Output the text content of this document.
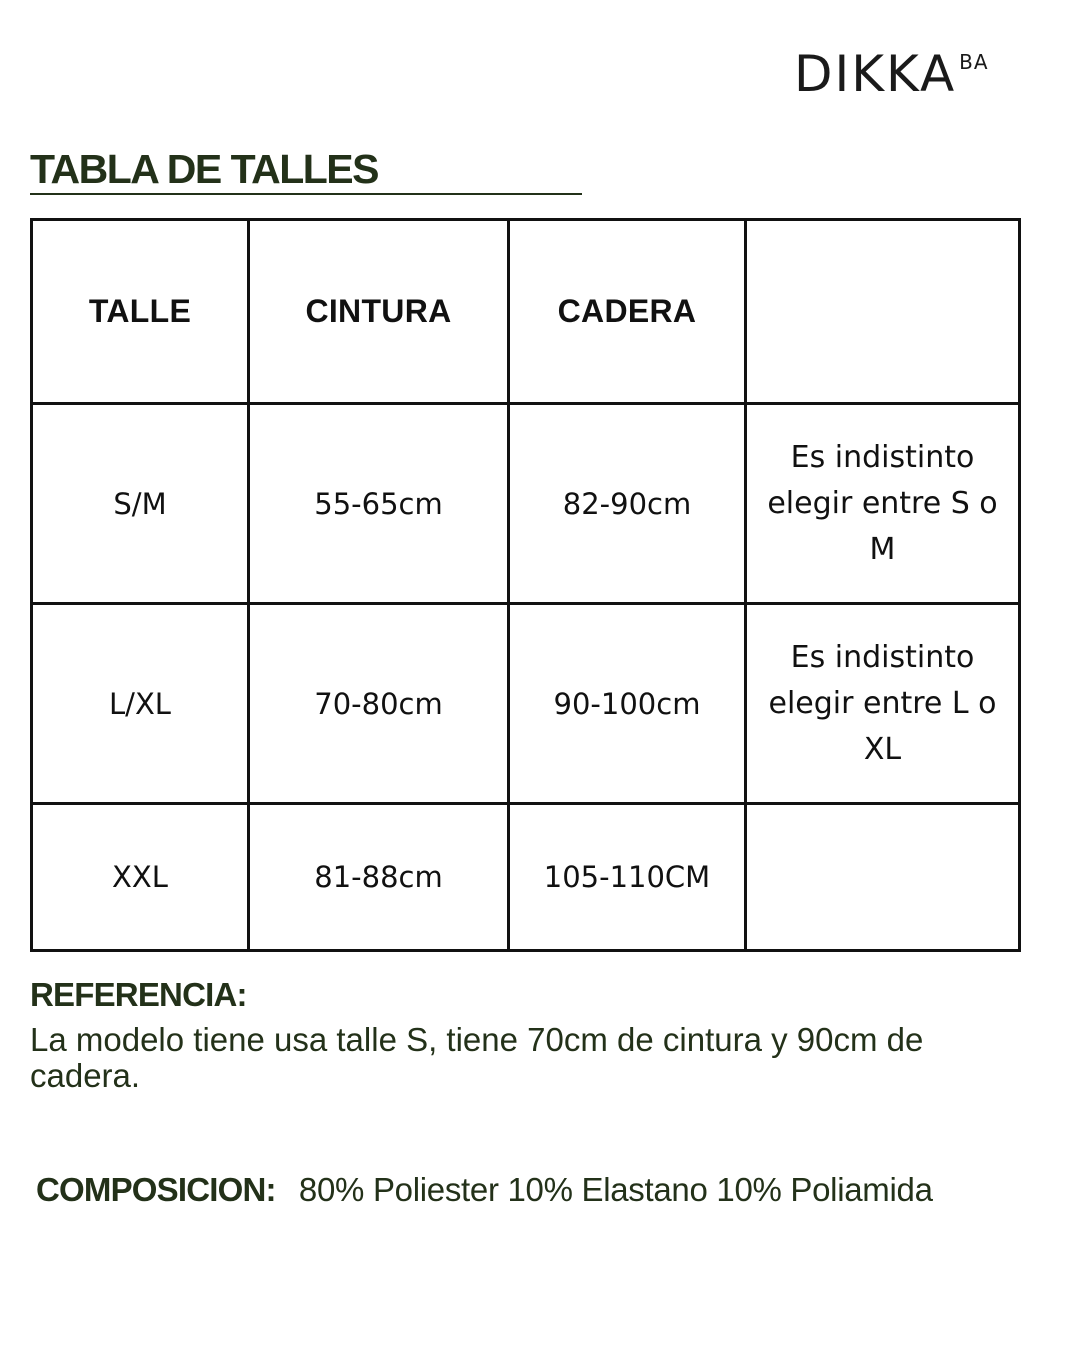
DIKKA BA
TABLA DE TALLES
TALLE	CINTURA	CADERA	
S/M	55-65cm	82-90cm	Es indistinto elegir entre S o M
L/XL	70-80cm	90-100cm	Es indistinto elegir entre L o XL
XXL	81-88cm	105-110CM	
REFERENCIA:
La modelo tiene usa talle S, tiene 70cm de cintura y 90cm de cadera.
COMPOSICION: 80% Poliester 10% Elastano 10% Poliamida
